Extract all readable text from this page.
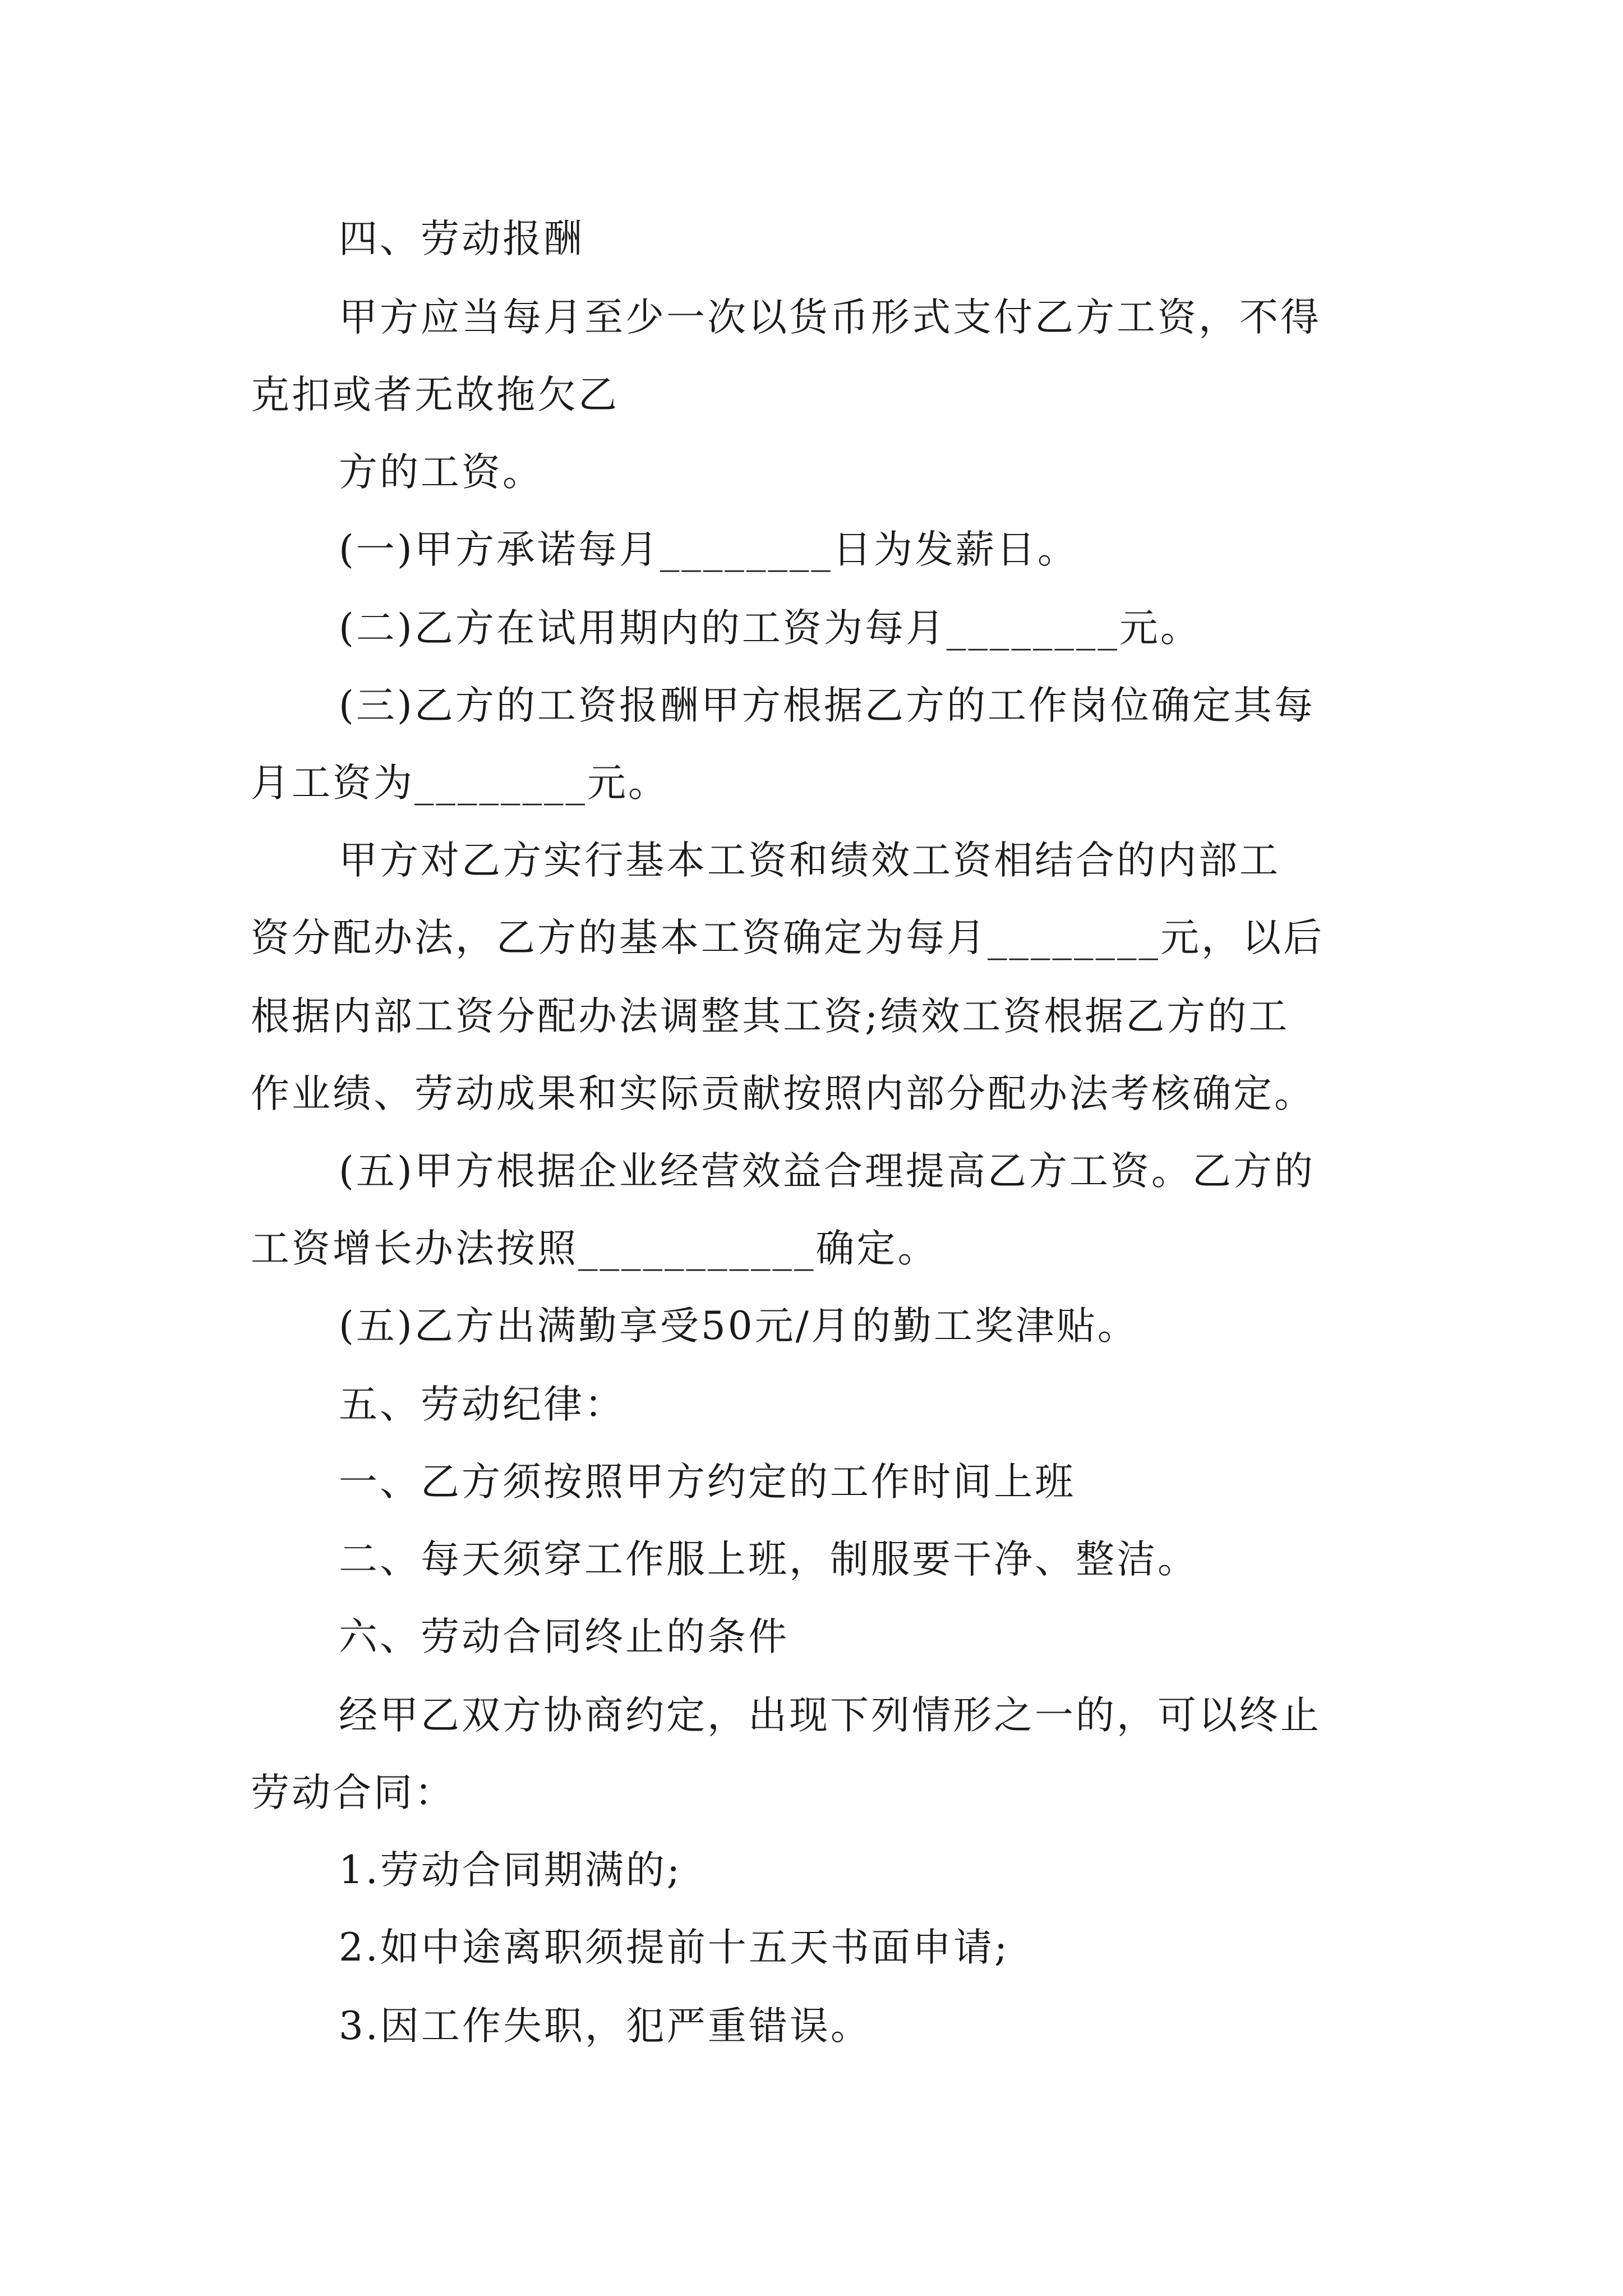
四、劳动报酬

甲方应当每月至少一次以货币形式支付乙方工资，不得

克扣或者无故拖欠乙

方的工资。

(一)甲方承诺每月________日为发薪日。

(二)乙方在试用期内的工资为每月________元。

(三)乙方的工资报酬甲方根据乙方的工作岗位确定其每

月工资为________元。

甲方对乙方实行基本工资和绩效工资相结合的内部工

资分配办法，乙方的基本工资确定为每月________元，以后

根据内部工资分配办法调整其工资;绩效工资根据乙方的工

作业绩、劳动成果和实际贡献按照内部分配办法考核确定。

(五)甲方根据企业经营效益合理提高乙方工资。乙方的

工资增长办法按照___________确定。

(五)乙方出满勤享受50元/月的勤工奖津贴。

五、劳动纪律：

一、乙方须按照甲方约定的工作时间上班

二、每天须穿工作服上班，制服要干净、整洁。

六、劳动合同终止的条件

经甲乙双方协商约定，出现下列情形之一的，可以终止

劳动合同：

1.劳动合同期满的;

2.如中途离职须提前十五天书面申请;

3.因工作失职，犯严重错误。
